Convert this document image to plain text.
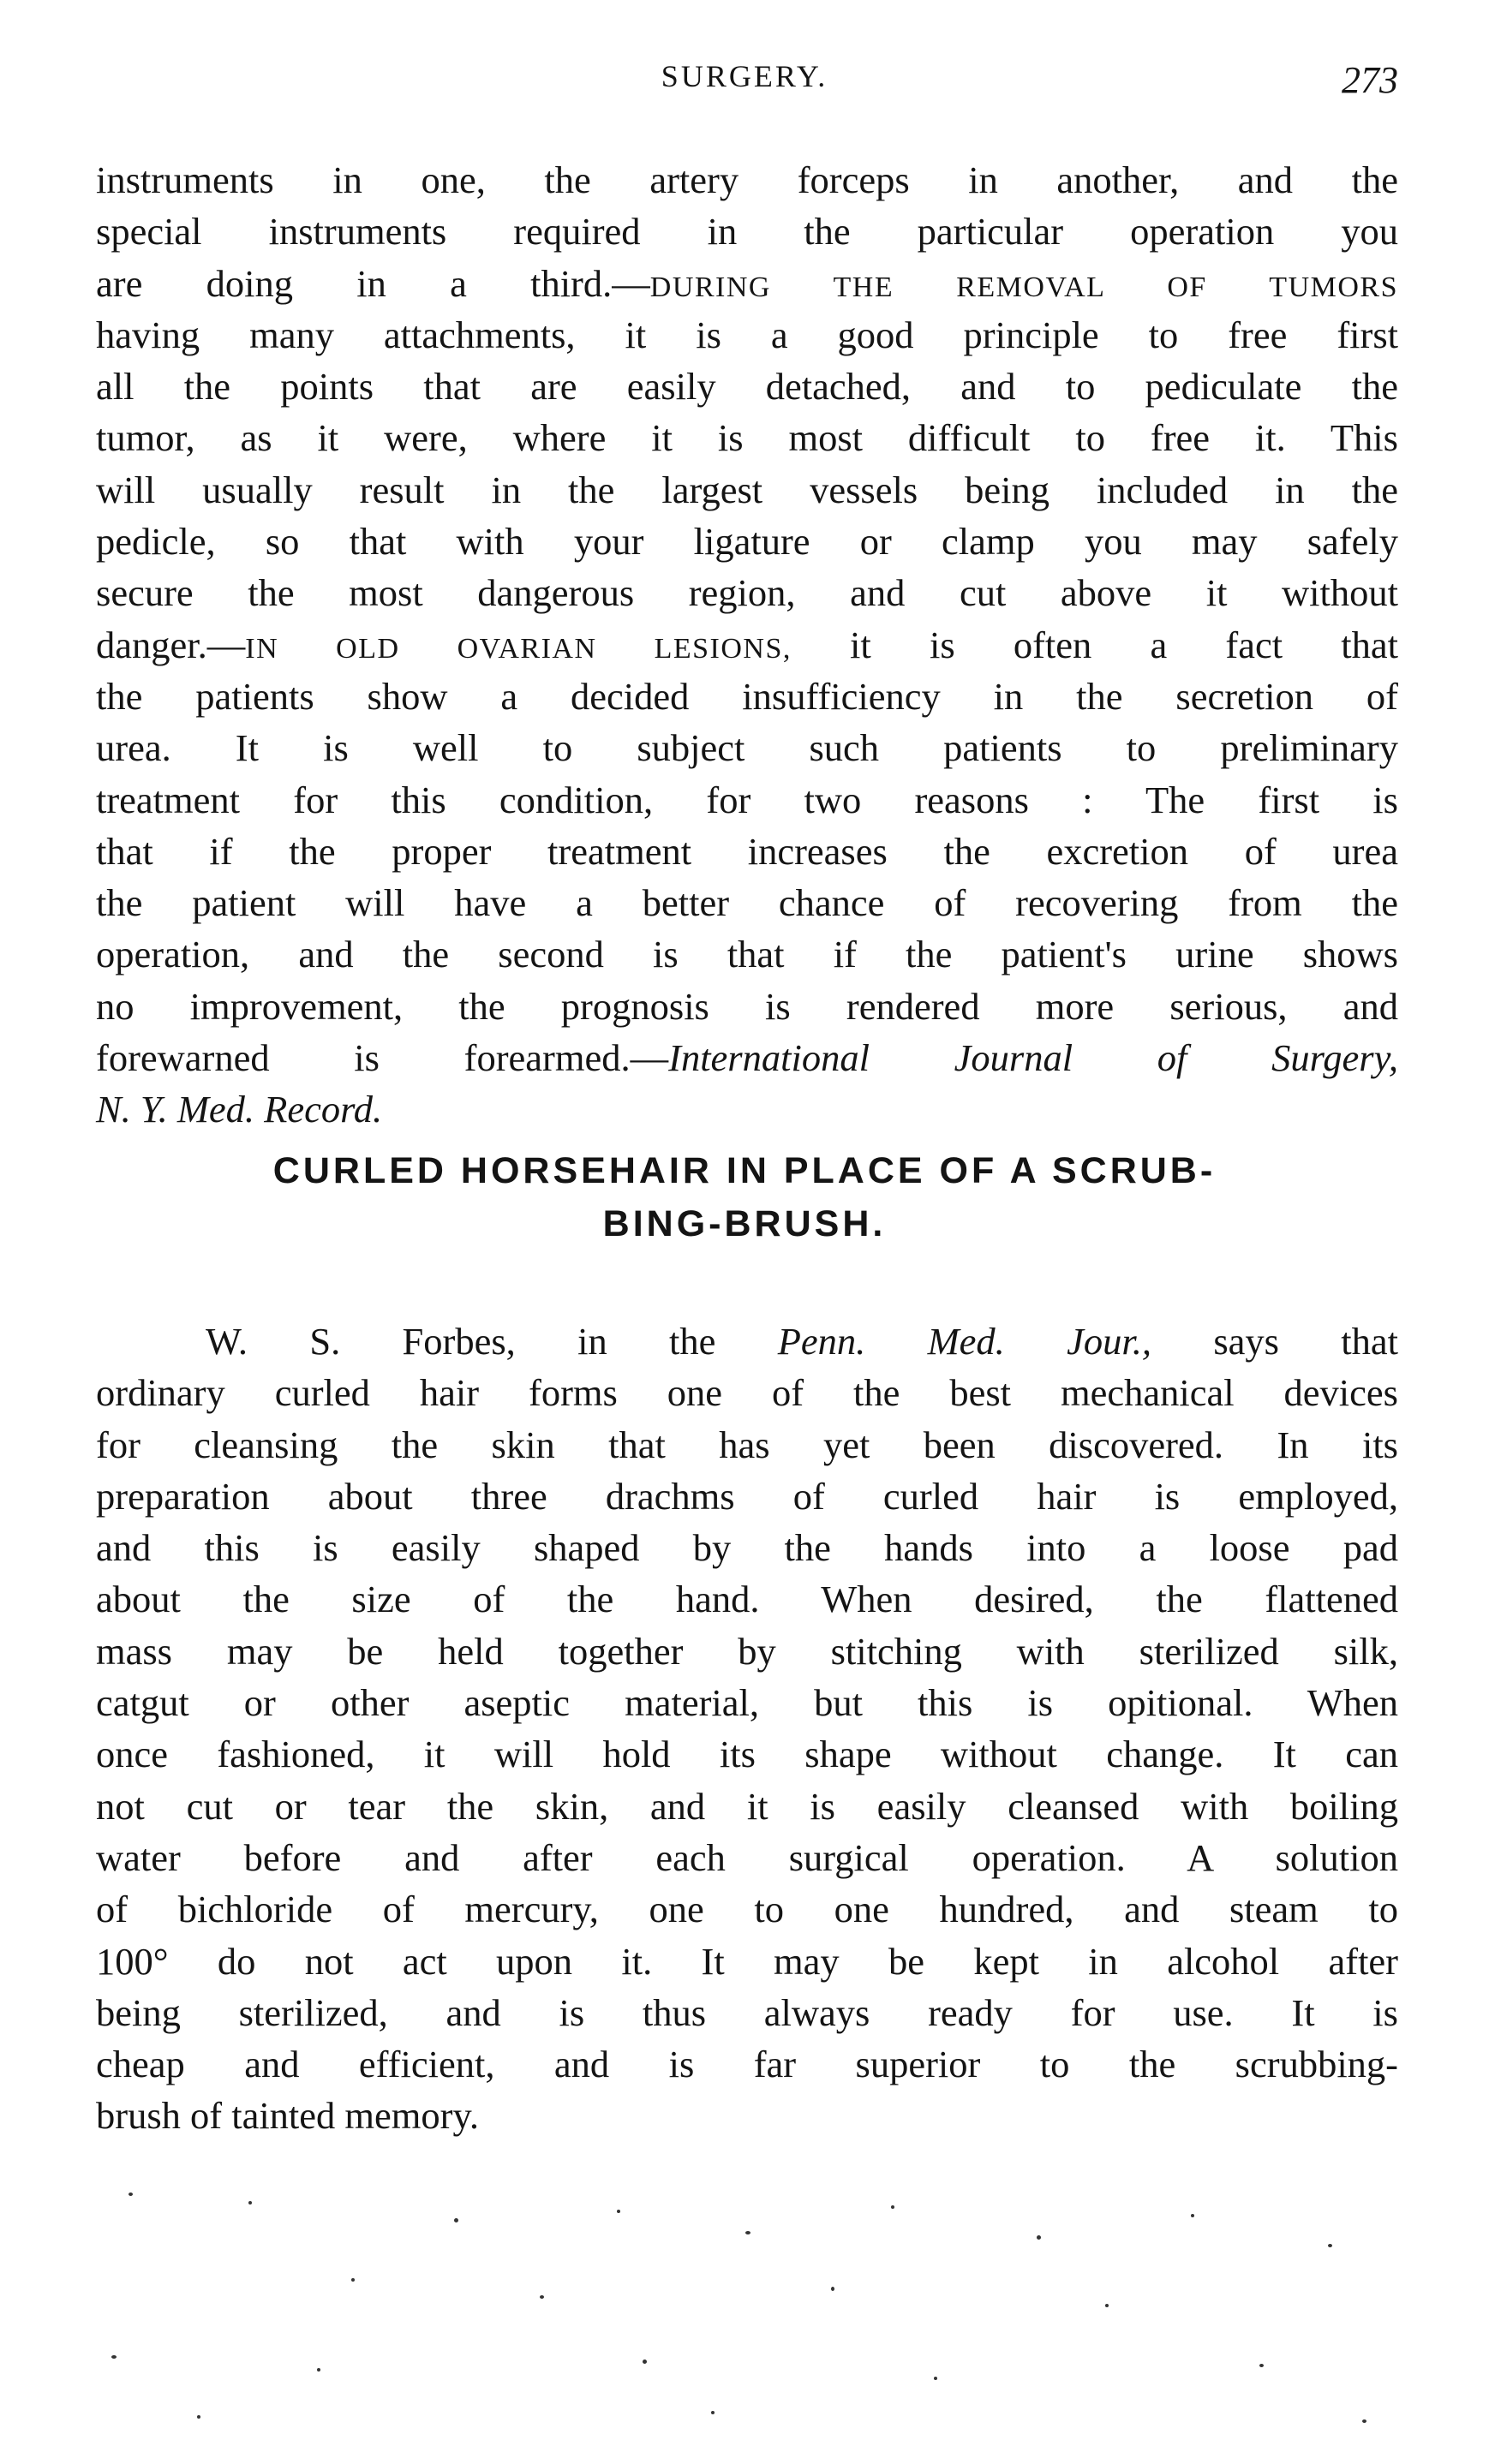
SURGERY.	273
instruments in one, the artery forceps in another, and the
special instruments required in the particular operation you
are doing in a third.—DURING THE REMOVAL OF TUMORS
having many attachments, it is a good principle to free first
all the points that are easily detached, and to pediculate the
tumor, as it were, where it is most difficult to free it. This
will usually result in the largest vessels being included in the
pedicle, so that with your ligature or clamp you may safely
secure the most dangerous region, and cut above it without
danger.—IN OLD OVARIAN LESIONS, it is often a fact that
the patients show a decided insufficiency in the secretion of
urea. It is well to subject such patients to preliminary
treatment for this condition, for two reasons : The first is
that if the proper treatment increases the excretion of urea
the patient will have a better chance of recovering from the
operation, and the second is that if the patient's urine shows
no improvement, the prognosis is rendered more serious, and
forewarned is forearmed.—International Journal of Surgery,
N. Y. Med. Record.
CURLED HORSEHAIR IN PLACE OF A SCRUB-
BING-BRUSH.
W. S. Forbes, in the Penn. Med. Jour., says that
ordinary curled hair forms one of the best mechanical devices
for cleansing the skin that has yet been discovered. In its
preparation about three drachms of curled hair is employed,
and this is easily shaped by the hands into a loose pad
about the size of the hand. When desired, the flattened
mass may be held together by stitching with sterilized silk,
catgut or other aseptic material, but this is opitional. When
once fashioned, it will hold its shape without change. It can
not cut or tear the skin, and it is easily cleansed with boiling
water before and after each surgical operation. A solution
of bichloride of mercury, one to one hundred, and steam to
100° do not act upon it. It may be kept in alcohol after
being sterilized, and is thus always ready for use. It is
cheap and efficient, and is far superior to the scrubbing-
brush of tainted memory.
